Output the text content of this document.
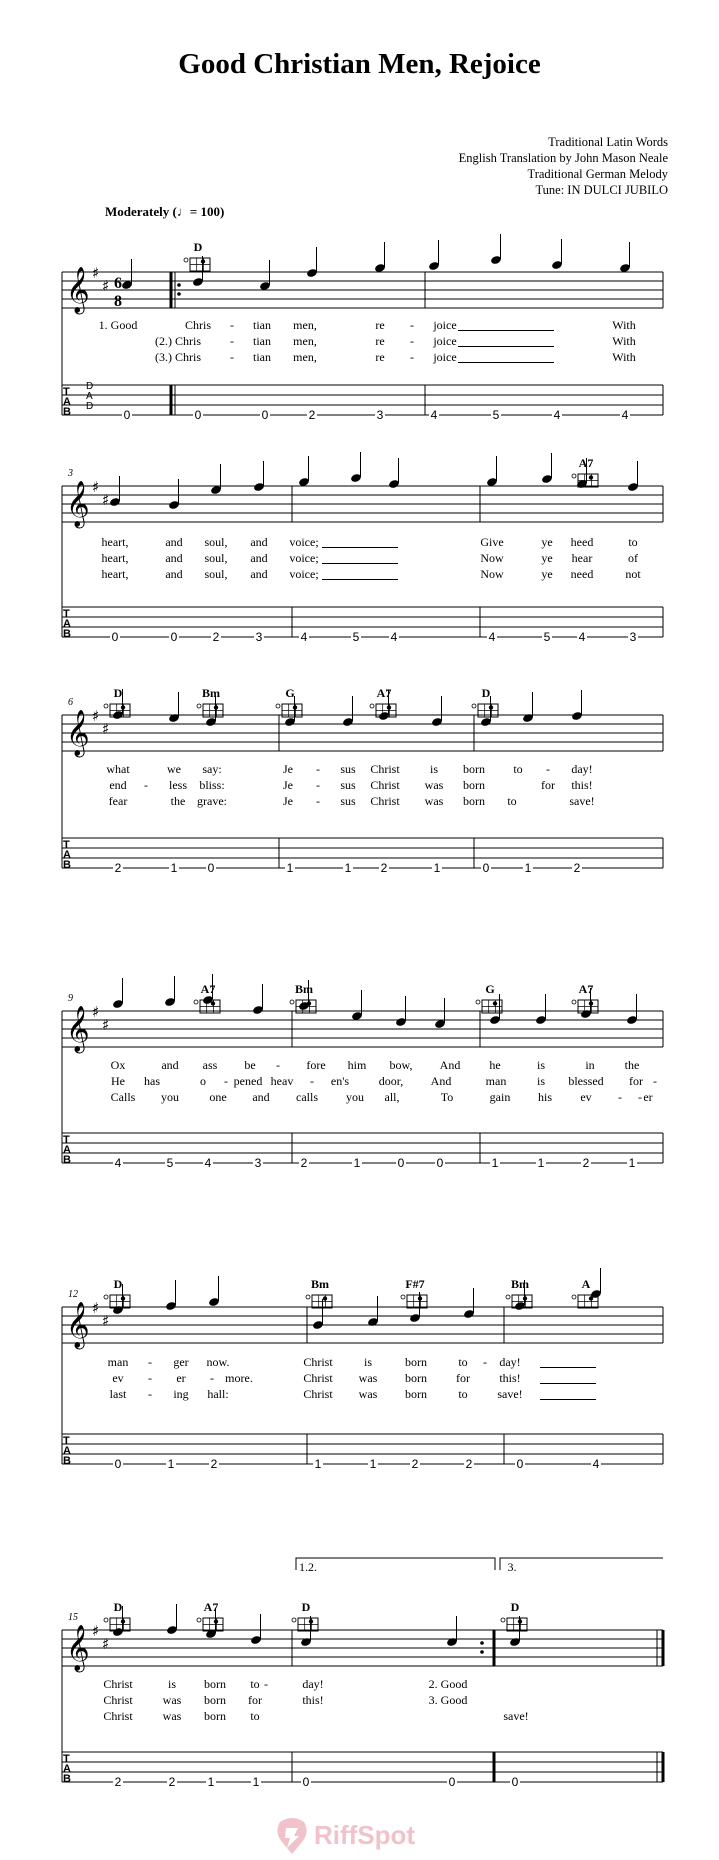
Good Christian Men, Rejoice
Traditional Latin Words
English Translation by John Mason Neale
Traditional German Melody
Tune: IN DULCI JUBILO
Moderately (♩= 100)
𝄞 ♯
♯
T
A
B
6
8
D
A
D
𝄞 ♯
♯
T
A
B
𝄞 ♯
♯
T
A
B
𝄞 ♯
♯
T
A
B
𝄞 ♯
♯
T
A
B
𝄞 ♯
♯
T
A
B
D
1. Good	Chris - tian men,	re - joice	With
(2.) Chris - tian men,	re - joice	With
(3.) Chris - tian men,	re - joice	With
0	0	0	2	3	4	5	4	4
A7
3
heart,	and soul, and voice;	Give	ye heed	to
heart,	and soul, and voice;	Now	ye hear	of
heart,	and soul, and voice;	Now	ye need	not
0	0	2	3	4	5	4	4	5 4	3
D	Bm	G	A7	D
6
what	we say:	Je - sus Christ	is born to - day!
end - less bliss:	Je - sus Christ was born	for this!
fear	the grave:	Je - sus Christ was born to	save!
2	1	0	1	1 2	1	0	1	2
A7	Bm	G	A7
9
Ox	and ass be - fore him bow, And he	is	in the
He has	o - pened heav - en's door, And	man	is blessed for -
Calls you	one and calls you all,	To	gain his ev - er
-
4	5	4	3	2	1	0	0	1	1	2	1
D	Bm	F#7	Bm	A
12
man - ger now.	Christ	is	born	to - day!
ev - er - more.	Christ was born for this!
last - ing hall:	Christ was born	to save!
0	1	2	1	1	2	2	0	4
1.2.	3.
D	A7	D	D
15
Christ	is born to -	day!	2. Good
Christ was born for	this!	3. Good
Christ was born to	save!
2	2	1	1	0	0	0
RiffSpot
